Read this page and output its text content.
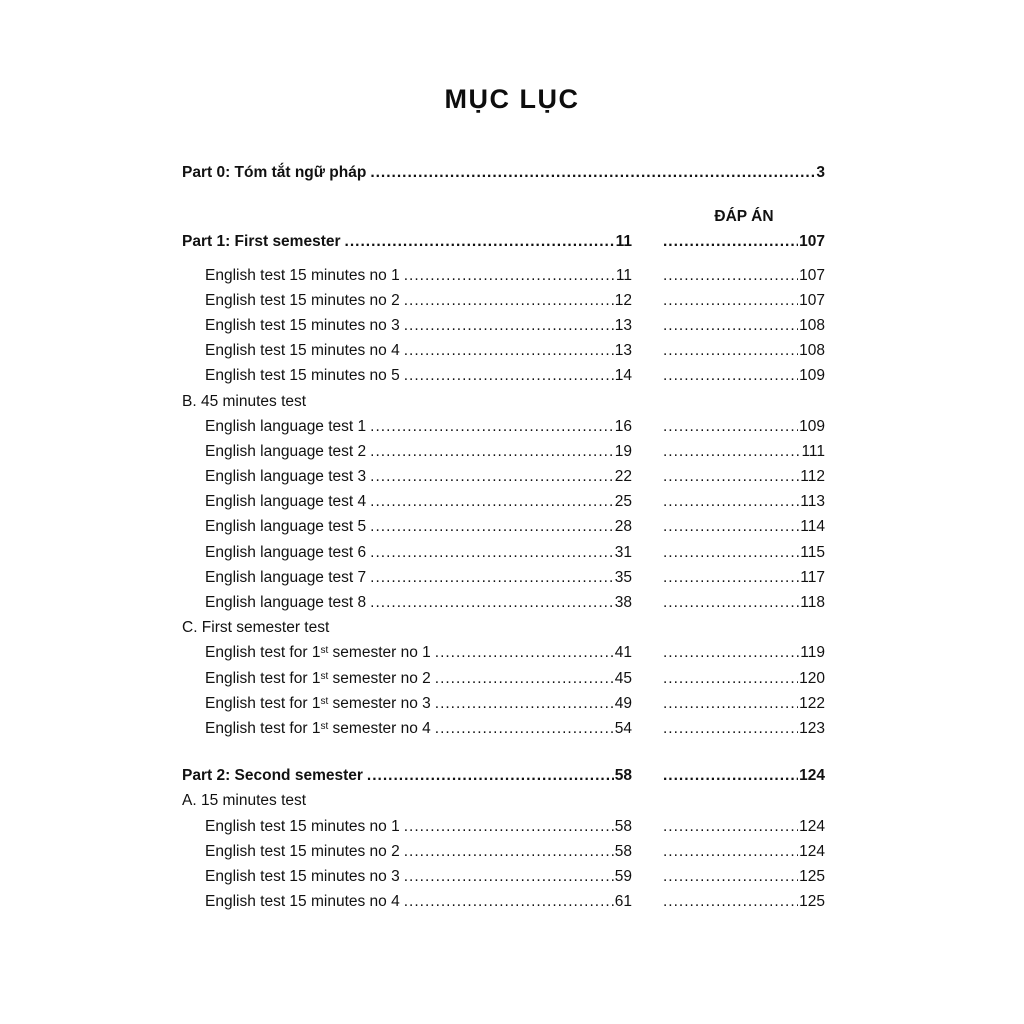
MỤC LỤC
Part 0: Tóm tắt ngữ pháp .....	3
ĐÁP ÁN
Part 1: First semester .....	11 .....	107
English test 15 minutes no 1 .....	11 .....	107
English test 15 minutes no 2 .....	12 .....	107
English test 15 minutes no 3 .....	13 .....	108
English test 15 minutes no 4 .....	13 .....	108
English test 15 minutes no 5 .....	14 .....	109
B. 45 minutes test
English language test 1 .....	16 .....	109
English language test 2 .....	19 .....	111
English language test 3 .....	22 .....	112
English language test 4 .....	25 .....	113
English language test 5 .....	28 .....	114
English language test 6 .....	31 .....	115
English language test 7 .....	35 .....	117
English language test 8 .....	38 .....	118
C. First semester test
English test for 1st semester no 1 .....	41 .....	119
English test for 1st semester no 2 .....	45 .....	120
English test for 1st semester no 3 .....	49 .....	122
English test for 1st semester no 4 .....	54 .....	123
Part 2: Second semester .....	58 .....	124
A. 15 minutes test
English test 15 minutes no 1 .....	58 .....	124
English test 15 minutes no 2 .....	58 .....	124
English test 15 minutes no 3 .....	59 .....	125
English test 15 minutes no 4 .....	61 .....	125
